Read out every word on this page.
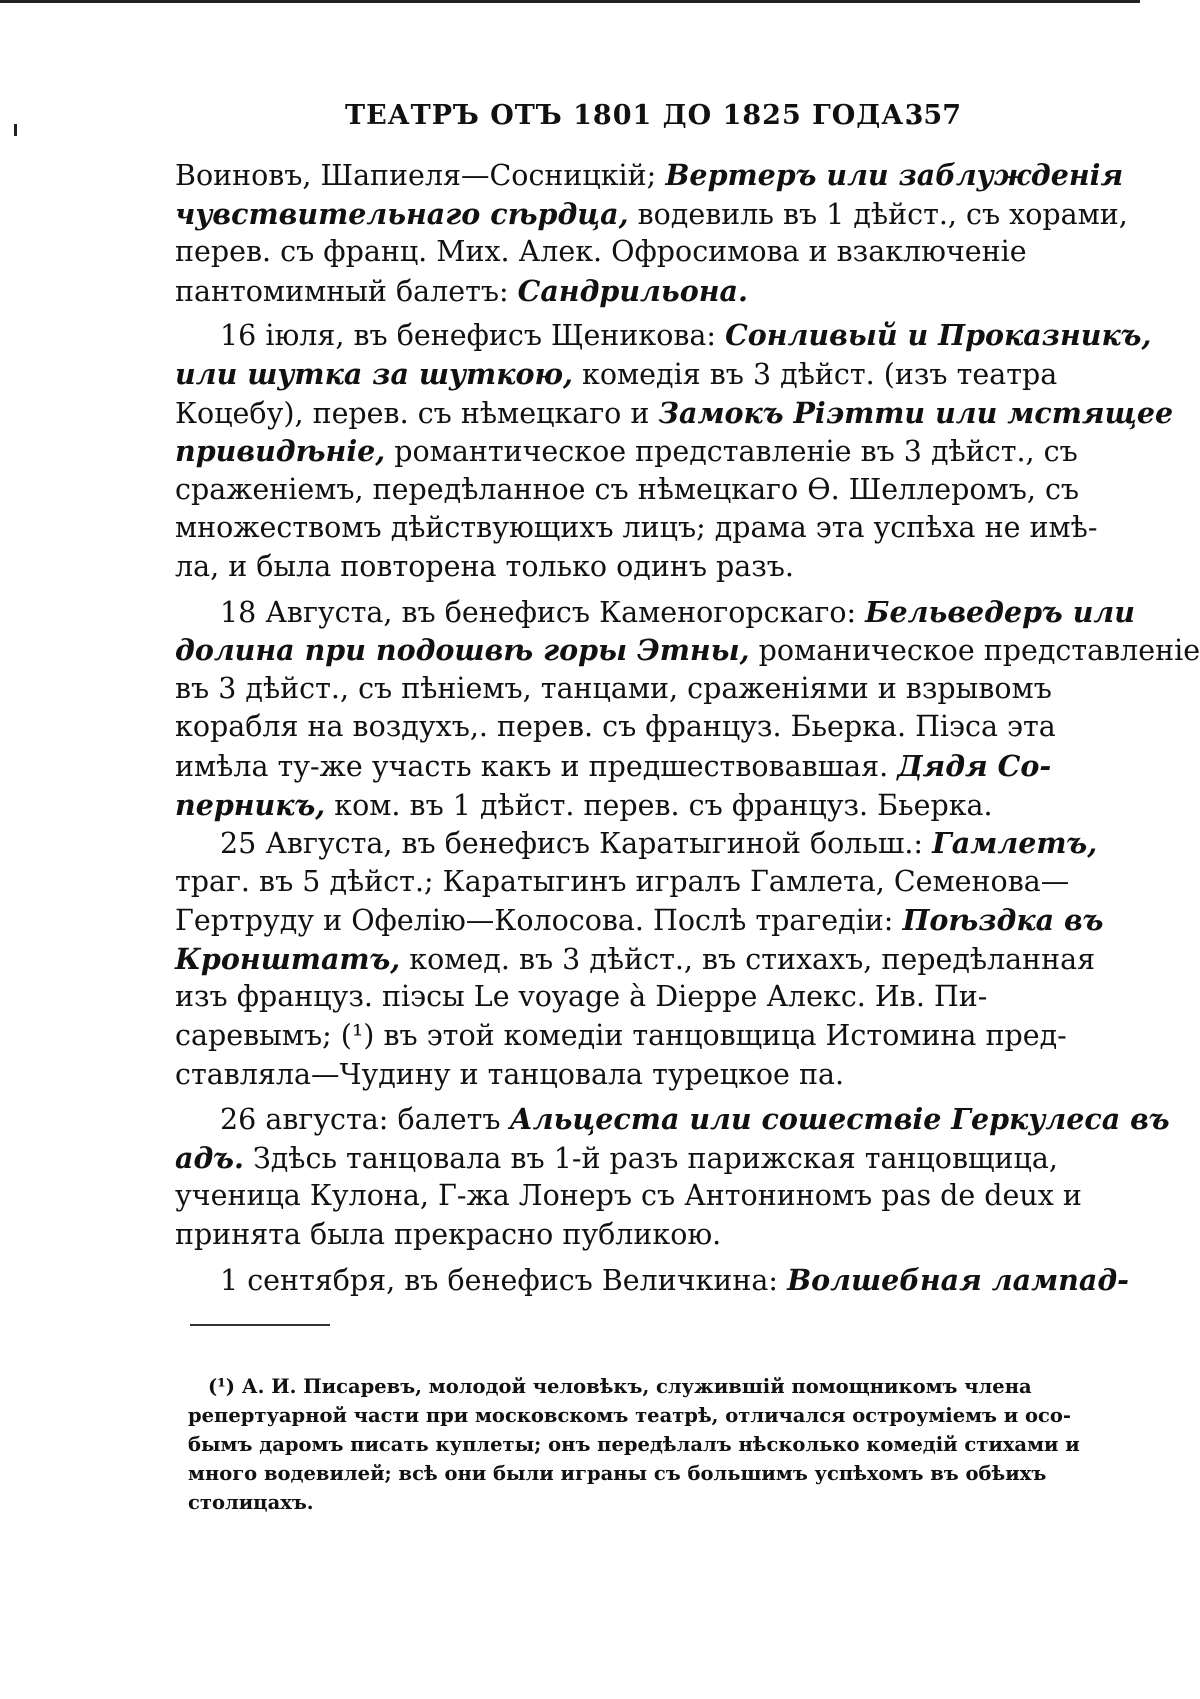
ТЕАТРЪ ОТЪ 1801 ДО 1825 ГОДА.
357
Воиновъ, Шапиеля—Сосницкій; Вертеръ или заблужденія
чувствительнаго сѣрдца, водевиль въ 1 дѣйст., съ хорами,
перев. съ франц. Мих. Алек. Офросимова и взаключеніе
пантомимный балетъ: Сандрильона.
16 іюля, въ бенефисъ Щеникова: Сонливый и Проказникъ,
или шутка за шуткою, комедія въ 3 дѣйст. (изъ театра
Коцебу), перев. съ нѣмецкаго и Замокъ Ріэтти или мстящее
привидѣніе, романтическое представленіе въ 3 дѣйст., съ
сраженіемъ, передѣланное съ нѣмецкаго Ѳ. Шеллеромъ, съ
множествомъ дѣйствующихъ лицъ; драма эта успѣха не имѣ-
ла, и была повторена только одинъ разъ.
18 Августа, въ бенефисъ Каменогорскаго: Бельведеръ или
долина при подошвѣ горы Этны, романическое представленіе
въ 3 дѣйст., съ пѣніемъ, танцами, сраженіями и взрывомъ
корабля на воздухъ,. перев. съ француз. Бьерка. Піэса эта
имѣла ту-же участь какъ и предшествовавшая. Дядя Со-
перникъ, ком. въ 1 дѣйст. перев. съ француз. Бьерка.
25 Августа, въ бенефисъ Каратыгиной больш.: Гамлетъ,
траг. въ 5 дѣйст.; Каратыгинъ игралъ Гамлета, Семенова—
Гертруду и Офелію—Колосова. Послѣ трагедіи: Поѣздка въ
Кронштатъ, комед. въ 3 дѣйст., въ стихахъ, передѣланная
изъ француз. піэсы Le voyage à Dieppe Алекс. Ив. Пи-
саревымъ; (¹) въ этой комедіи танцовщица Истомина пред-
ставляла—Чудину и танцовала турецкое па.
26 августа: балетъ Альцеста или сошествіе Геркулеса въ
адъ. Здѣсь танцовала въ 1-й разъ парижская танцовщица,
ученица Кулона, Г-жа Лонеръ съ Антониномъ pas de deux и
принята была прекрасно публикою.
1 сентября, въ бенефисъ Величкина: Волшебная лампад-
(¹) А. И. Писаревъ, молодой человѣкъ, служившій помощникомъ члена
репертуарной части при московскомъ театрѣ, отличался остроуміемъ и осо-
бымъ даромъ писать куплеты; онъ передѣлалъ нѣсколько комедій стихами и
много водевилей; всѣ они были играны съ большимъ успѣхомъ въ обѣихъ
столицахъ.
